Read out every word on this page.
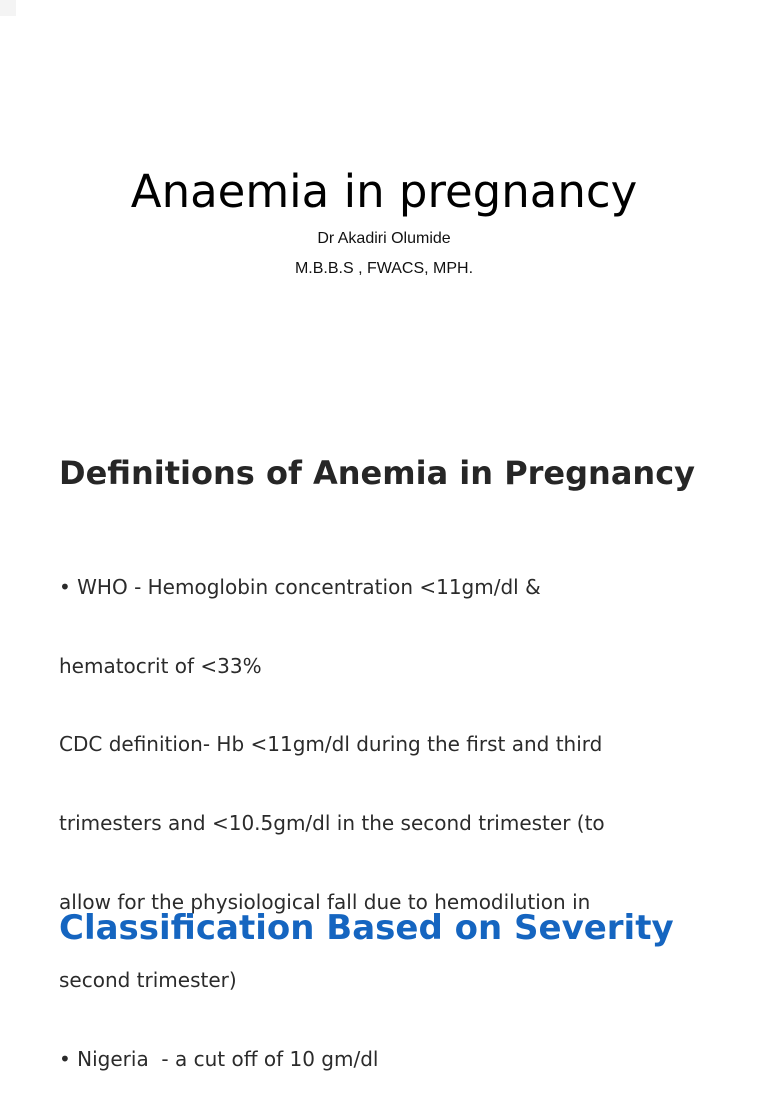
Anaemia in pregnancy
Dr Akadiri Olumide
M.B.B.S , FWACS, MPH.
Definitions of Anemia in Pregnancy

• WHO - Hemoglobin concentration <11gm/dl &

hematocrit of <33%

CDC definition- Hb <11gm/dl during the first and third

trimesters and <10.5gm/dl in the second trimester (to

allow for the physiological fall due to hemodilution in

second trimester)

• Nigeria  - a cut off of 10 gm/dl

Classification Based on Severity
